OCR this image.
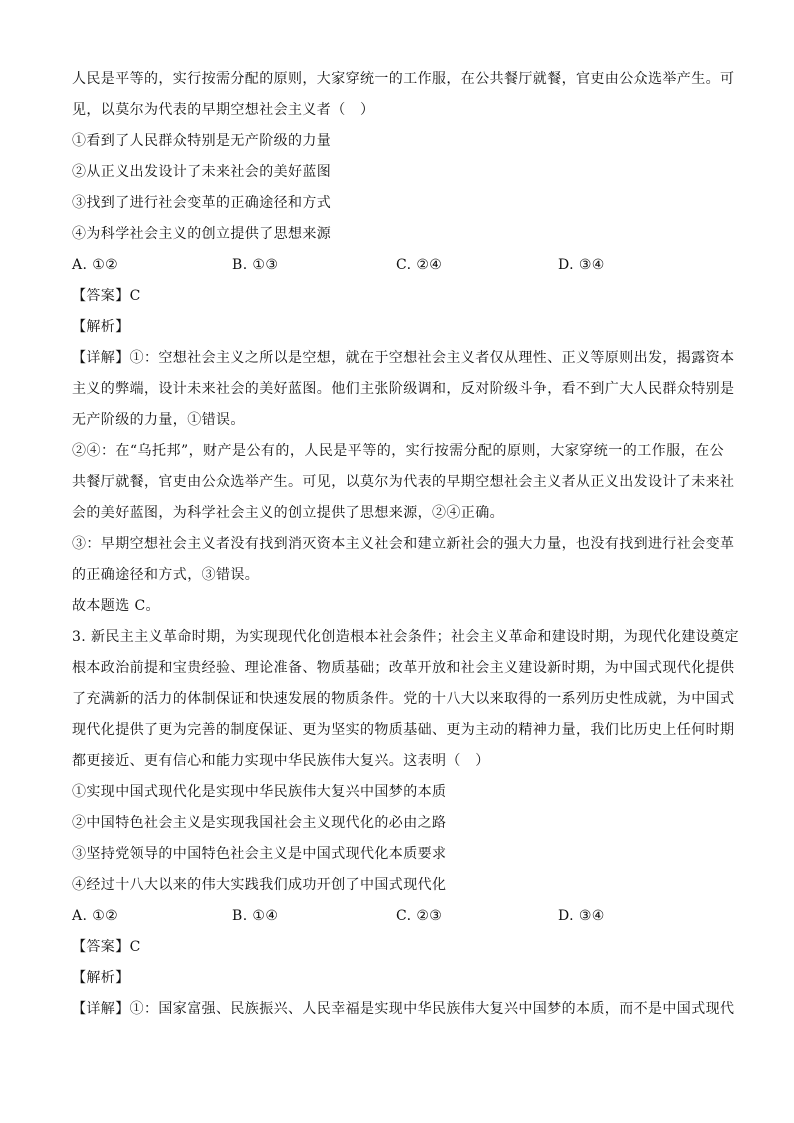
人民是平等的，实行按需分配的原则，大家穿统一的工作服，在公共餐厅就餐，官吏由公众选举产生。可
见，以莫尔为代表的早期空想社会主义者（　）
①看到了人民群众特别是无产阶级的力量
②从正义出发设计了未来社会的美好蓝图
③找到了进行社会变革的正确途径和方式
④为科学社会主义的创立提供了思想来源
A. ①②	B. ①③	C. ②④	D. ③④
【答案】C
【解析】
【详解】①：空想社会主义之所以是空想，就在于空想社会主义者仅从理性、正义等原则出发，揭露资本
主义的弊端，设计未来社会的美好蓝图。他们主张阶级调和，反对阶级斗争，看不到广大人民群众特别是
无产阶级的力量，①错误。
②④：在“乌托邦”，财产是公有的，人民是平等的，实行按需分配的原则，大家穿统一的工作服，在公
共餐厅就餐，官吏由公众选举产生。可见，以莫尔为代表的早期空想社会主义者从正义出发设计了未来社
会的美好蓝图，为科学社会主义的创立提供了思想来源，②④正确。
③：早期空想社会主义者没有找到消灭资本主义社会和建立新社会的强大力量，也没有找到进行社会变革
的正确途径和方式，③错误。
故本题选 C。
3. 新民主主义革命时期，为实现现代化创造根本社会条件；社会主义革命和建设时期，为现代化建设奠定
根本政治前提和宝贵经验、理论准备、物质基础；改革开放和社会主义建设新时期，为中国式现代化提供
了充满新的活力的体制保证和快速发展的物质条件。党的十八大以来取得的一系列历史性成就，为中国式
现代化提供了更为完善的制度保证、更为坚实的物质基础、更为主动的精神力量，我们比历史上任何时期
都更接近、更有信心和能力实现中华民族伟大复兴。这表明（　）
①实现中国式现代化是实现中华民族伟大复兴中国梦的本质
②中国特色社会主义是实现我国社会主义现代化的必由之路
③坚持党领导的中国特色社会主义是中国式现代化本质要求
④经过十八大以来的伟大实践我们成功开创了中国式现代化
A. ①②	B. ①④	C. ②③	D. ③④
【答案】C
【解析】
【详解】①：国家富强、民族振兴、人民幸福是实现中华民族伟大复兴中国梦的本质，而不是中国式现代
